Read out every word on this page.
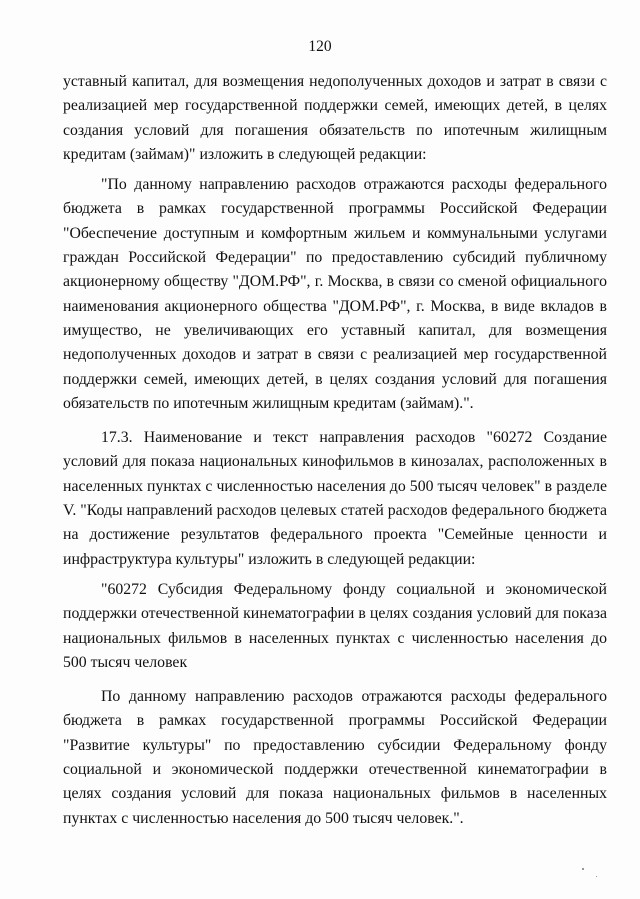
120

уставный капитал, для возмещения недополученных доходов и затрат в связи с реализацией мер государственной поддержки семей, имеющих детей, в целях создания условий для погашения обязательств по ипотечным жилищным кредитам (займам)" изложить в следующей редакции:

"По данному направлению расходов отражаются расходы федерального бюджета в рамках государственной программы Российской Федерации "Обеспечение доступным и комфортным жильем и коммунальными услугами граждан Российской Федерации" по предоставлению субсидий публичному акционерному обществу "ДОМ.РФ", г. Москва, в связи со сменой официального наименования акционерного общества "ДОМ.РФ", г. Москва, в виде вкладов в имущество, не увеличивающих его уставный капитал, для возмещения недополученных доходов и затрат в связи с реализацией мер государственной поддержки семей, имеющих детей, в целях создания условий для погашения обязательств по ипотечным жилищным кредитам (займам).".

17.3. Наименование и текст направления расходов "60272 Создание условий для показа национальных кинофильмов в кинозалах, расположенных в населенных пунктах с численностью населения до 500 тысяч человек" в разделе V. "Коды направлений расходов целевых статей расходов федерального бюджета на достижение результатов федерального проекта "Семейные ценности и инфраструктура культуры" изложить в следующей редакции:

"60272 Субсидия Федеральному фонду социальной и экономической поддержки отечественной кинематографии в целях создания условий для показа национальных фильмов в населенных пунктах с численностью населения до 500 тысяч человек

По данному направлению расходов отражаются расходы федерального бюджета в рамках государственной программы Российской Федерации "Развитие культуры" по предоставлению субсидии Федеральному фонду социальной и экономической поддержки отечественной кинематографии в целях создания условий для показа национальных фильмов в населенных пунктах с численностью населения до 500 тысяч человек.".
